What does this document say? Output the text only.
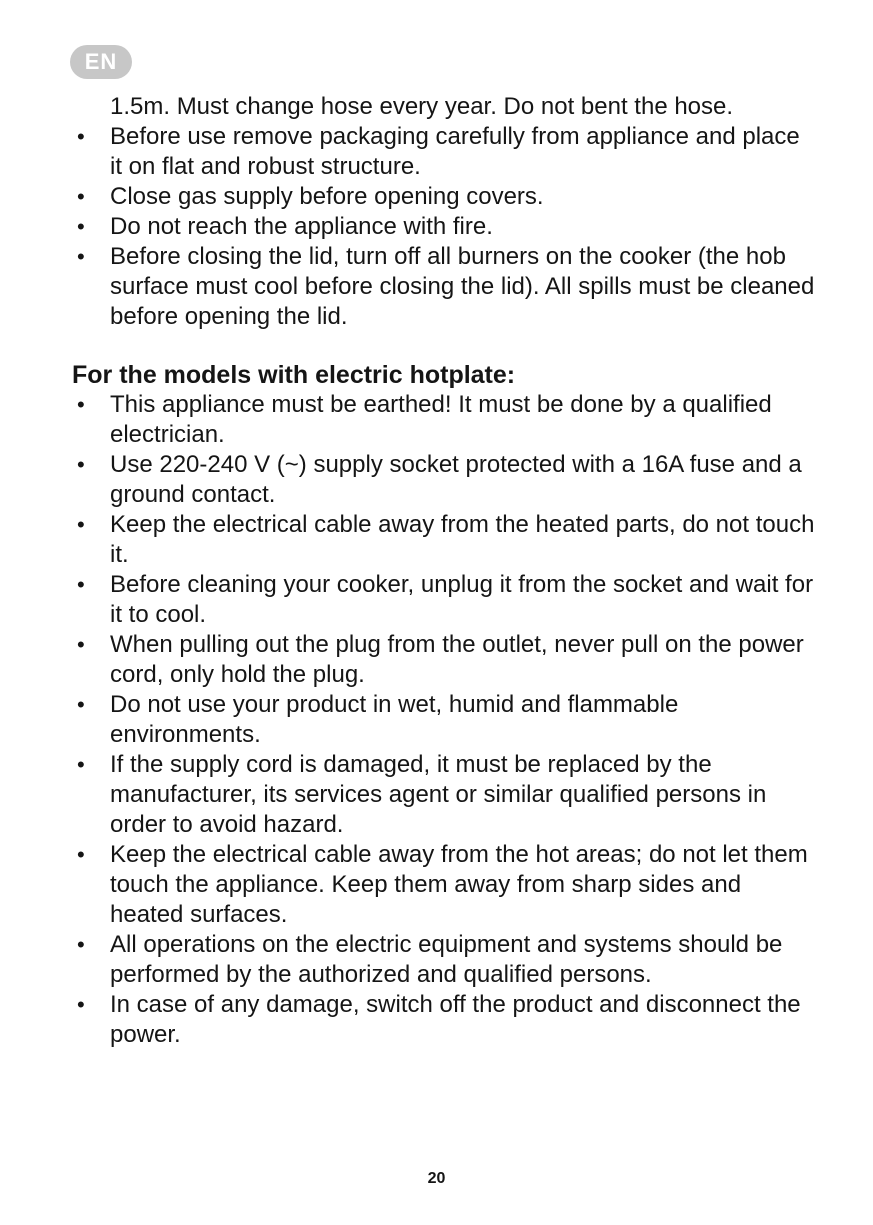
EN

1.5m. Must change hose every year. Do not bent the hose.

• Before use remove packaging carefully from appliance and place it on flat and robust structure.
• Close gas supply before opening covers.
• Do not reach the appliance with fire.
• Before closing the lid, turn off all burners on the cooker (the hob surface must cool before closing the lid). All spills must be cleaned before opening the lid.
For the models with electric hotplate:
• This appliance must be earthed! It must be done by a qualified electrician.
• Use 220-240 V (~) supply socket protected with a 16A fuse and a ground contact.
• Keep the electrical cable away from the heated parts, do not touch it.
• Before cleaning your cooker, unplug it from the socket and wait for it to cool.
• When pulling out the plug from the outlet, never pull on the power cord, only hold the plug.
• Do not use your product in wet, humid and flammable environments.
• If the supply cord is damaged, it must be replaced by the manufacturer, its services agent or similar qualified persons in order to avoid hazard.
• Keep the electrical cable away from the hot areas; do not let them touch the appliance. Keep them away from sharp sides and heated surfaces.
• All operations on the electric equipment and systems should be performed by the authorized and qualified persons.
• In case of any damage, switch off the product and disconnect the power.
20
